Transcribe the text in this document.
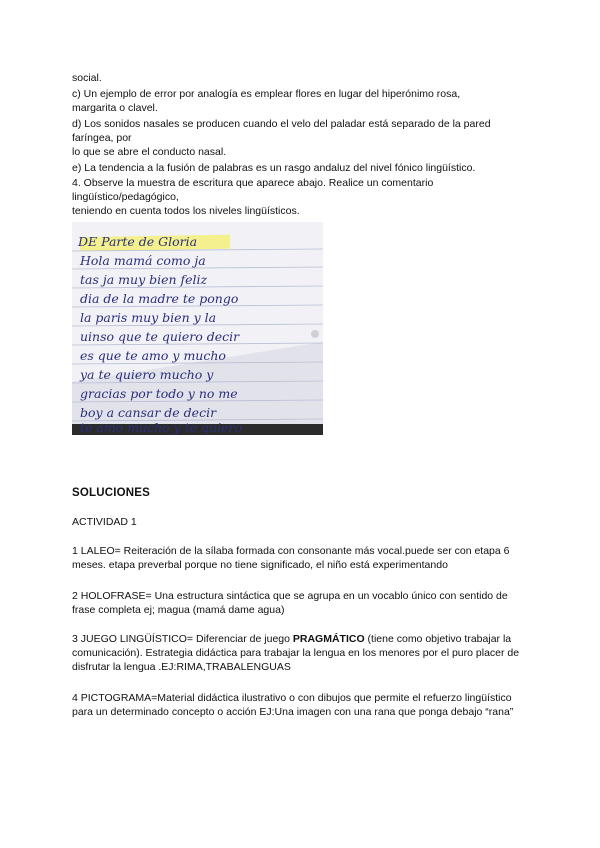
social.
c) Un ejemplo de error por analogía es emplear flores en lugar del hiperónimo rosa,
margarita o clavel.
d) Los sonidos nasales se producen cuando el velo del paladar está separado de la pared
faríngea, por
lo que se abre el conducto nasal.
e) La tendencia a la fusión de palabras es un rasgo andaluz del nivel fónico lingüístico.
4. Observe la muestra de escritura que aparece abajo. Realice un comentario
lingüístico/pedagógico,
teniendo en cuenta todos los niveles lingüísticos.
DE Parte de Gloria
Hola mamá como ja
tas ja muy bien feliz
dia de la madre te pongo
la paris muy bien y la
uinso que te quiero decir
es que te amo y mucho
ya te quiero mucho y
gracias por todo y no me
boy a cansar de decir
te amo mucho y te quiero
SOLUCIONES
ACTIVIDAD 1
1 LALEO= Reiteración de la sílaba formada con consonante más vocal.puede ser con etapa 6 meses. etapa preverbal porque no tiene significado, el niño está experimentando
2 HOLOFRASE= Una estructura sintáctica que se agrupa en un vocablo único con sentido de frase completa ej; magua (mamá dame agua)
3 JUEGO LINGÜÍSTICO= Diferenciar de juego PRAGMÁTICO (tiene como objetivo trabajar la comunicación). Estrategia didáctica para trabajar la lengua en los menores por el puro placer de disfrutar la lengua .EJ:RIMA,TRABALENGUAS
4 PICTOGRAMA=Material didáctica ilustrativo o con dibujos que permite el refuerzo lingüístico para un determinado concepto o acción EJ:Una imagen con una rana que ponga debajo “rana”
